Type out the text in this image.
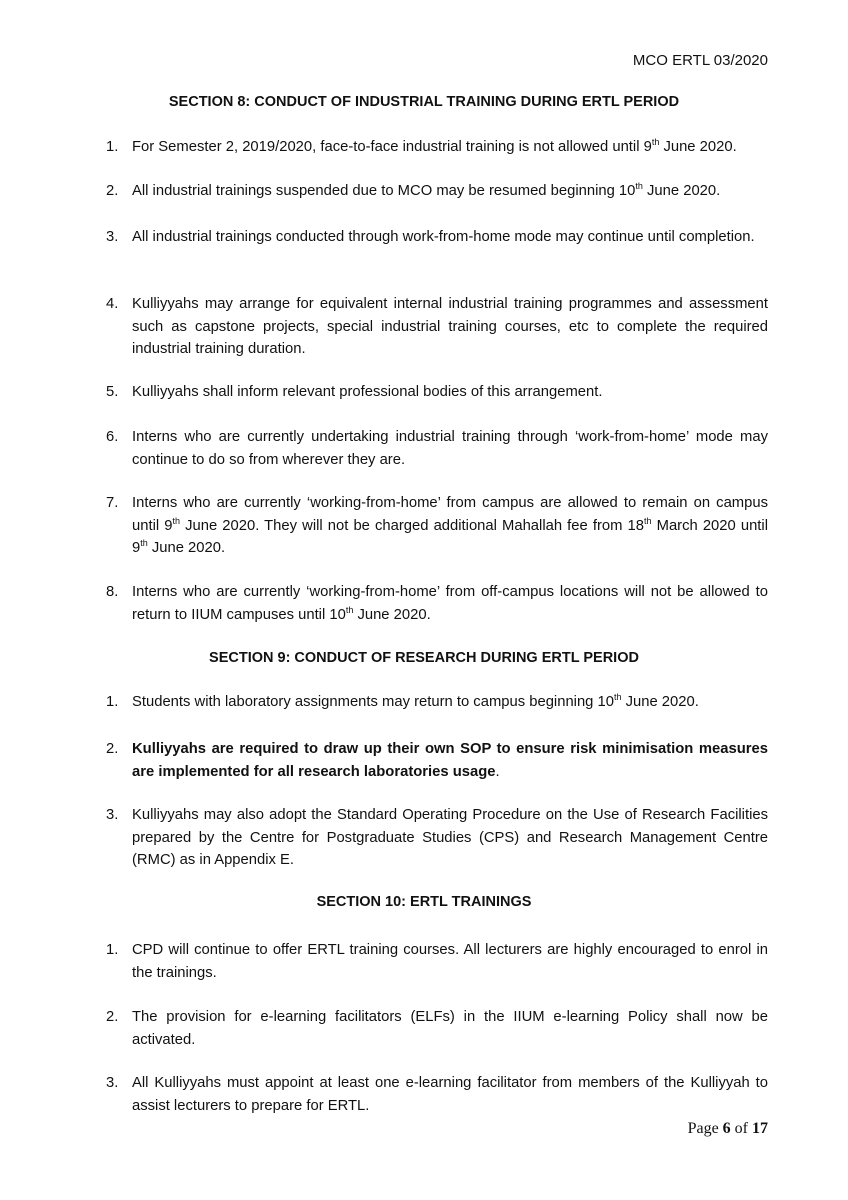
MCO ERTL 03/2020
SECTION 8: CONDUCT OF INDUSTRIAL TRAINING DURING ERTL PERIOD
1. For Semester 2, 2019/2020, face-to-face industrial training is not allowed until 9th June 2020.
2. All industrial trainings suspended due to MCO may be resumed beginning 10th June 2020.
3. All industrial trainings conducted through work-from-home mode may continue until completion.
4. Kulliyyahs may arrange for equivalent internal industrial training programmes and assessment such as capstone projects, special industrial training courses, etc to complete the required industrial training duration.
5. Kulliyyahs shall inform relevant professional bodies of this arrangement.
6. Interns who are currently undertaking industrial training through ‘work-from-home’ mode may continue to do so from wherever they are.
7. Interns who are currently ‘working-from-home’ from campus are allowed to remain on campus until 9th June 2020. They will not be charged additional Mahallah fee from 18th March 2020 until 9th June 2020.
8. Interns who are currently ‘working-from-home’ from off-campus locations will not be allowed to return to IIUM campuses until 10th June 2020.
SECTION 9: CONDUCT OF RESEARCH DURING ERTL PERIOD
1. Students with laboratory assignments may return to campus beginning 10th June 2020.
2. Kulliyyahs are required to draw up their own SOP to ensure risk minimisation measures are implemented for all research laboratories usage.
3. Kulliyyahs may also adopt the Standard Operating Procedure on the Use of Research Facilities prepared by the Centre for Postgraduate Studies (CPS) and Research Management Centre (RMC) as in Appendix E.
SECTION 10: ERTL TRAININGS
1. CPD will continue to offer ERTL training courses. All lecturers are highly encouraged to enrol in the trainings.
2. The provision for e-learning facilitators (ELFs) in the IIUM e-learning Policy shall now be activated.
3. All Kulliyyahs must appoint at least one e-learning facilitator from members of the Kulliyyah to assist lecturers to prepare for ERTL.
Page 6 of 17
